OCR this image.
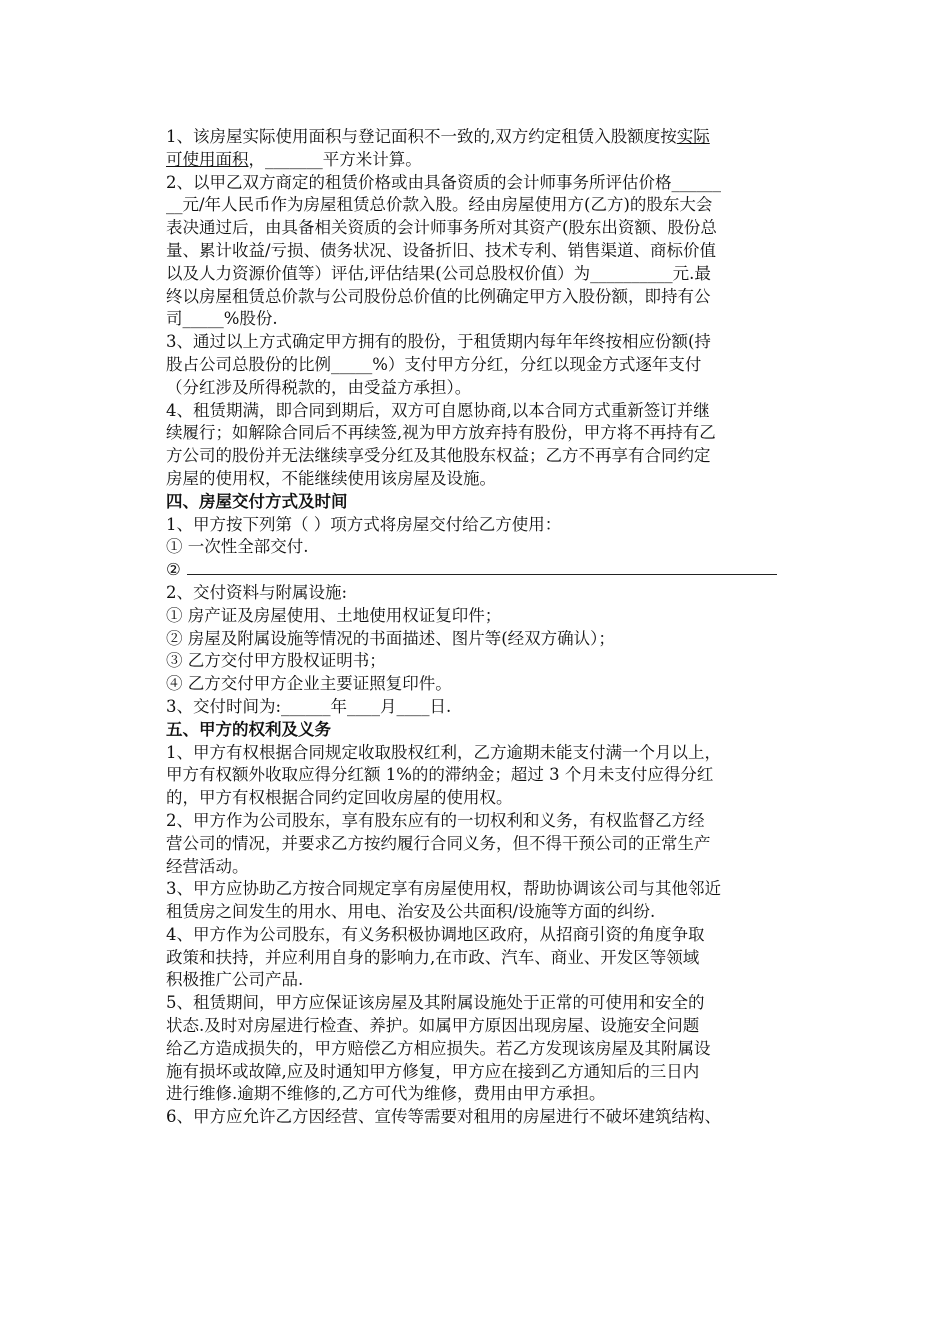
1、该房屋实际使用面积与登记面积不一致的,双方约定租赁入股额度按实际
可使用面积，_______平方米计算。
2、以甲乙双方商定的租赁价格或由具备资质的会计师事务所评估价格______
__元/年人民币作为房屋租赁总价款入股。经由房屋使用方(乙方)的股东大会
表决通过后，由具备相关资质的会计师事务所对其资产(股东出资额、股份总
量、累计收益/亏损、债务状况、设备折旧、技术专利、销售渠道、商标价值
以及人力资源价值等）评估,评估结果(公司总股权价值）为__________元.最
终以房屋租赁总价款与公司股份总价值的比例确定甲方入股份额，即持有公
司_____%股份.
3、通过以上方式确定甲方拥有的股份，于租赁期内每年年终按相应份额(持
股占公司总股份的比例_____%）支付甲方分红，分红以现金方式逐年支付
（分红涉及所得税款的，由受益方承担）。
4、租赁期满，即合同到期后，双方可自愿协商,以本合同方式重新签订并继
续履行；如解除合同后不再续签,视为甲方放弃持有股份，甲方将不再持有乙
方公司的股份并无法继续享受分红及其他股东权益；乙方不再享有合同约定
房屋的使用权，不能继续使用该房屋及设施。
四、房屋交付方式及时间
1、甲方按下列第（ ）项方式将房屋交付给乙方使用：
① 一次性全部交付.
②
2、交付资料与附属设施:
① 房产证及房屋使用、土地使用权证复印件；
② 房屋及附属设施等情况的书面描述、图片等(经双方确认）；
③ 乙方交付甲方股权证明书；
④ 乙方交付甲方企业主要证照复印件。
3、交付时间为:______年____月____日.
五、甲方的权利及义务
1、甲方有权根据合同规定收取股权红利，乙方逾期未能支付满一个月以上，
甲方有权额外收取应得分红额 1%的的滞纳金；超过 3 个月未支付应得分红
的，甲方有权根据合同约定回收房屋的使用权。
2、甲方作为公司股东，享有股东应有的一切权利和义务，有权监督乙方经
营公司的情况，并要求乙方按约履行合同义务，但不得干预公司的正常生产
经营活动。
3、甲方应协助乙方按合同规定享有房屋使用权，帮助协调该公司与其他邻近
租赁房之间发生的用水、用电、治安及公共面积/设施等方面的纠纷.
4、甲方作为公司股东，有义务积极协调地区政府，从招商引资的角度争取
政策和扶持，并应利用自身的影响力,在市政、汽车、商业、开发区等领域
积极推广公司产品.
5、租赁期间，甲方应保证该房屋及其附属设施处于正常的可使用和安全的
状态.及时对房屋进行检查、养护。如属甲方原因出现房屋、设施安全问题
给乙方造成损失的，甲方赔偿乙方相应损失。若乙方发现该房屋及其附属设
施有损坏或故障,应及时通知甲方修复，甲方应在接到乙方通知后的三日内
进行维修.逾期不维修的,乙方可代为维修，费用由甲方承担。
6、甲方应允许乙方因经营、宣传等需要对租用的房屋进行不破坏建筑结构、
